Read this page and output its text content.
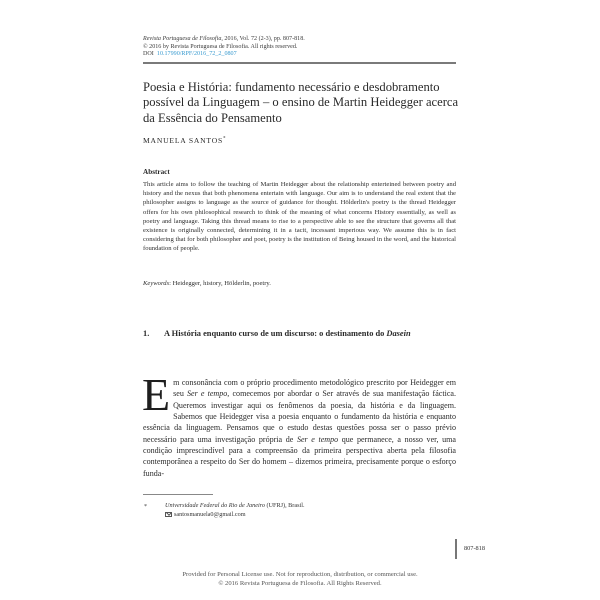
Revista Portuguesa de Filosofia, 2016, Vol. 72 (2-3), pp. 807-818.
© 2016 by Revista Portuguesa de Filosofia. All rights reserved.
DOI 10.17990/RPF/2016_72_2_0807
Poesia e História: fundamento necessário e desdobramento possível da Linguagem – o ensino de Martin Heidegger acerca da Essência do Pensamento
MANUELA SANTOS*
Abstract
This article aims to follow the teaching of Martin Heidegger about the relationship enterteined between poetry and history and the nexus that both phenomena entertain with language. Our aim is to understand the real extent that the philosopher assigns to language as the source of guidance for thought. Hölderlin's poetry is the thread Heidegger offers for his own philosophical research to think of the meaning of what concerns History essentially, as well as poetry and language. Taking this thread means to rise to a perspective able to see the structure that governs all that existence is originally connected, determining it in a tacit, incessant imperious way. We assume this is in fact considering that for both philosopher and poet, poetry is the institution of Being housed in the word, and the historical foundation of people.
Keywords: Heidegger, history, Hölderlin, poetry.
1. A História enquanto curso de um discurso: o destinamento do Dasein
Em consonância com o próprio procedimento metodológico prescrito por Heidegger em seu Ser e tempo, comecemos por abordar o Ser através de sua manifestação fáctica. Queremos investigar aqui os fenômenos da poesia, da história e da linguagem. Sabemos que Heidegger visa a poesia enquanto o fundamento da história e enquanto essência da linguagem. Pensamos que o estudo destas questões possa ser o passo prévio necessário para uma investigação própria de Ser e tempo que permanece, a nosso ver, uma condição imprescindível para a compreensão da primeira perspectiva aberta pela filosofia contemporânea a respeito do Ser do homem – dizemos primeira, precisamente porque o esforço funda-
*	Universidade Federal do Rio de Janeiro (UFRJ), Brasil.
santosmanuela0@gmail.com
807-818
Provided for Personal License use. Not for reproduction, distribution, or commercial use.
© 2016 Revista Portuguesa de Filosofia. All Rights Reserved.
